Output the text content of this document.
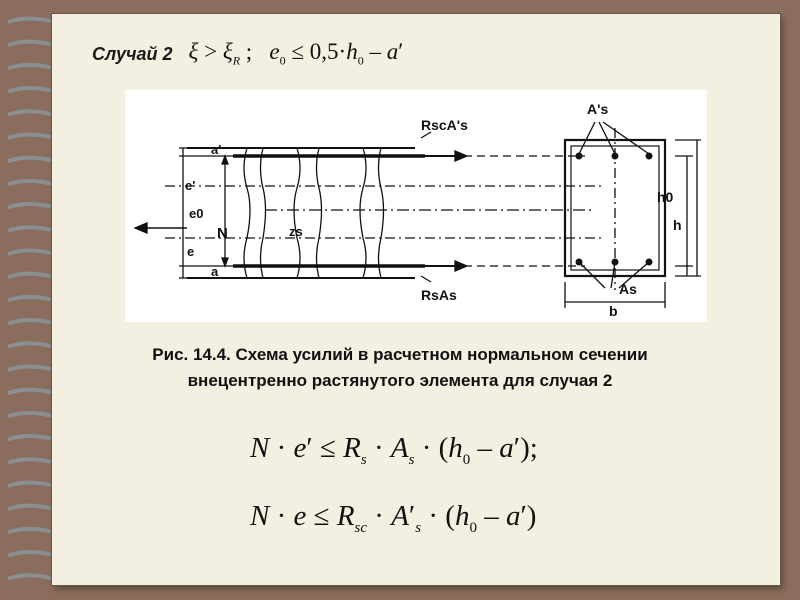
Случай 2 $\xi > \xi_R$ ;   $e_0 \le 0,5\cdot h_0 - a'$
a'
e'
e0
N
e
a
zs
RscA's
RsAs
A's
h0
h
As
b
Рис. 14.4. Схема усилий в расчетном нормальном сечении
внецентренно растянутого элемента для случая 2
$N \cdot e' \le R_s \cdot A_s \cdot (h_0 - a')$;
$N \cdot e \le R_{sc} \cdot A'_s \cdot (h_0 - a')$
